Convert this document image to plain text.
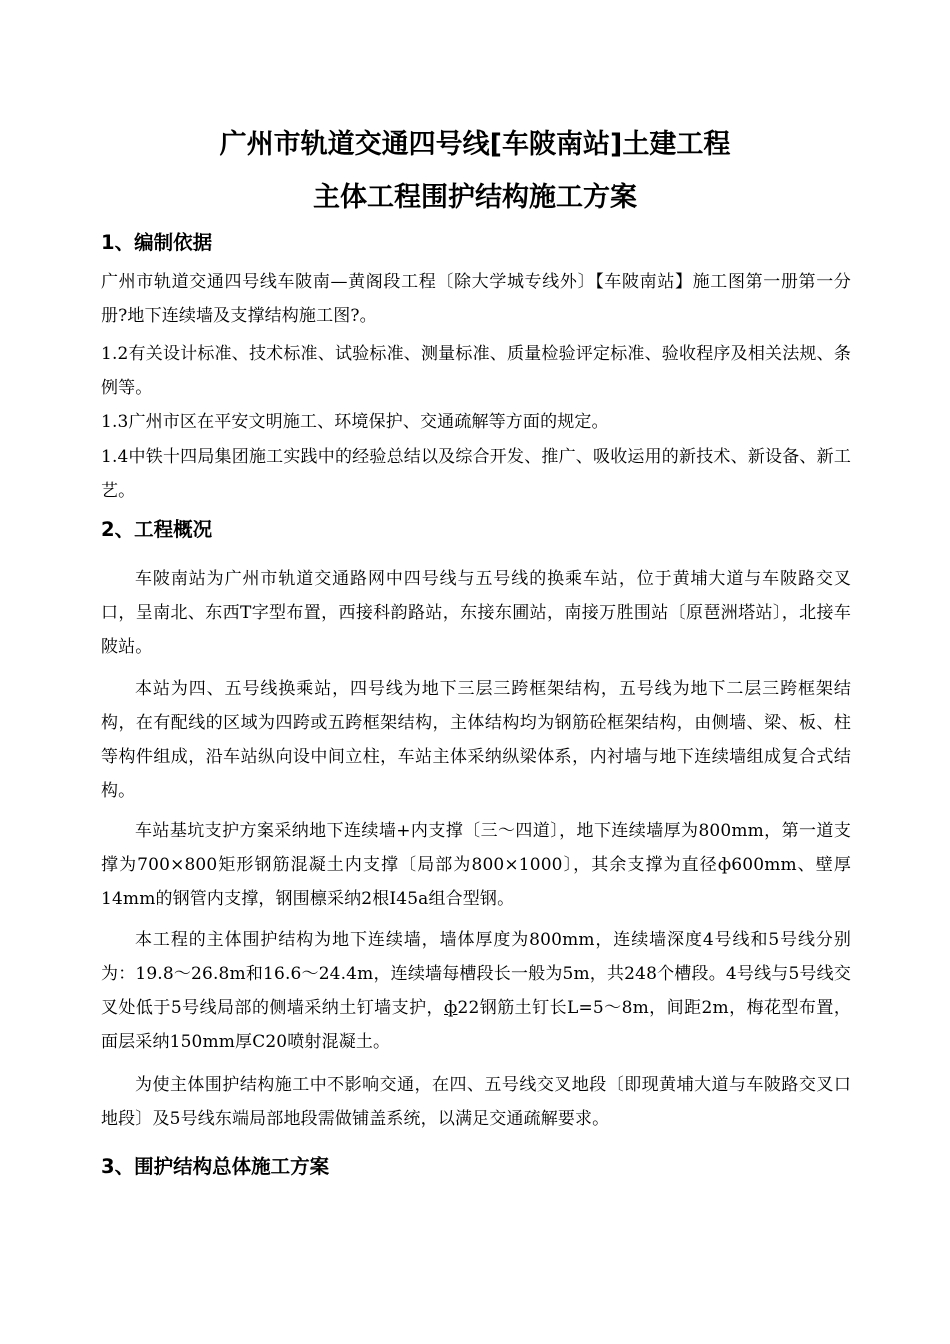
广州市轨道交通四号线[车陂南站]土建工程
主体工程围护结构施工方案
1、编制依据
广州市轨道交通四号线车陂南—黄阁段工程〔除大学城专线外〕【车陂南站】施工图第一册第一分册?地下连续墙及支撑结构施工图?。
1.2有关设计标准、技术标准、试验标准、测量标准、质量检验评定标准、验收程序及相关法规、条例等。
1.3广州市区在平安文明施工、环境保护、交通疏解等方面的规定。
1.4中铁十四局集团施工实践中的经验总结以及综合开发、推广、吸收运用的新技术、新设备、新工艺。
2、工程概况
车陂南站为广州市轨道交通路网中四号线与五号线的换乘车站，位于黄埔大道与车陂路交叉口，呈南北、东西T字型布置，西接科韵路站，东接东圃站，南接万胜围站〔原琶洲塔站〕，北接车陂站。
本站为四、五号线换乘站，四号线为地下三层三跨框架结构，五号线为地下二层三跨框架结构，在有配线的区域为四跨或五跨框架结构，主体结构均为钢筋砼框架结构，由侧墙、梁、板、柱等构件组成，沿车站纵向设中间立柱，车站主体采纳纵梁体系，内衬墙与地下连续墙组成复合式结构。
车站基坑支护方案采纳地下连续墙+内支撑〔三～四道〕，地下连续墙厚为800mm，第一道支撑为700×800矩形钢筋混凝土内支撑〔局部为800×1000〕，其余支撑为直径ф600mm、壁厚14mm的钢管内支撑，钢围檩采纳2根I45a组合型钢。
本工程的主体围护结构为地下连续墙，墙体厚度为800mm，连续墙深度4号线和5号线分别为：19.8～26.8m和16.6～24.4m，连续墙每槽段长一般为5m，共248个槽段。4号线与5号线交叉处低于5号线局部的侧墙采纳土钉墙支护，ф22钢筋土钉长L=5～8m，间距2m，梅花型布置，面层采纳150mm厚C20喷射混凝土。
为使主体围护结构施工中不影响交通，在四、五号线交叉地段〔即现黄埔大道与车陂路交叉口地段〕及5号线东端局部地段需做铺盖系统，以满足交通疏解要求。
3、围护结构总体施工方案
